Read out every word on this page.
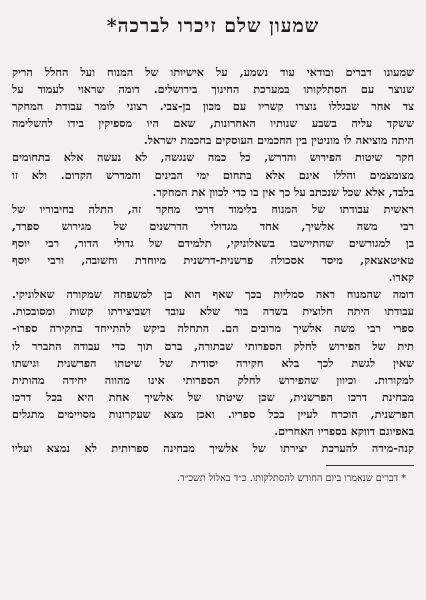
שמעון שלם זיכרו לברכה*
שמעונו דברים ובודאי עוד נשמע, על אישיותו של המנוח ועל החלל הריק
שנוצר עם הסתלקותו במערכת החינוך בירושלים. דומה שראוי לעמוד על
צד אחר שבגללו נוצרו קשריו עם מכון בן-צבי. רצוני לומר עבודת המחקר
ששקד עליה בשבע שנותיו האחרונות, שאם היו מספיקין בידו להשלימה
היתה מוציאה לו מוניטין בין החכמים העוסקים בחכמת ישראל.
חקר שיטות הפירוש והדרש, כל כמה שנגשה, לא נעשה אלא בתחומים
מצומצמים והללו אינם אלא בתחום ימי הבינים והמדרש הקדום. ולא זו
בלבד, אלא שכל שנכתב על כך אין בו כדי לכוון את המחקר.
ראשית עבודתו של המנוח בלימוד דרכי מחקר זה, התלה בחיבוריו של
רבי משה אלשיך, אחד מגדולי הדרשנים של מגירוש ספרד,
בן למגורשים שהתיישבו בשאלוניקי, תלמידם של גדולי הדור, רבי יוסף
טאיטאצאק, מיסד אסכולה פרשנית-דרשנית מיוחדת וחשובה, ורבי יוסף
קארו.
דומה שהמנוח ראה סמליות בכך שאף הוא בן למשפחה שמקורה שאלוניקי.
עבודתו היתה חלוצית בשדה בור שלא עובד ושביצירתו קשות ומסובכות.
ספרי רבי משה אלשיך מרובים הם. התחלה ביקש להתייחד בחקירה ספרו-
תית של הפירוש לחלק הספרותי שבתורה, ברם תוך כדי עבודה התברר לו
שאין לגשת לכך בלא חקירה יסודית של שיטתו הפרשנית וגישתו
למקורות. וכיוון שהפירוש לחלק הספרותי אינו מהווה יחידה מהותית
מבחינת דרכו הפרשנית, שכן שיטתו של אלשיך אחת היא בכל דרכו
הפרשנית, הוכרח לעיין בכל ספריו. ואכן מצא שעקרונות מסויימים מתגלים
באפיונם דווקא בספריו האחרים.
קנה-מידה להערכת יצירתו של אלשיך מבחינה ספרותית לא נמצא ועליו
* דברים שנאמרו ביום החודש להסתלקותו. כ״ד באלול תשכ״ד.
